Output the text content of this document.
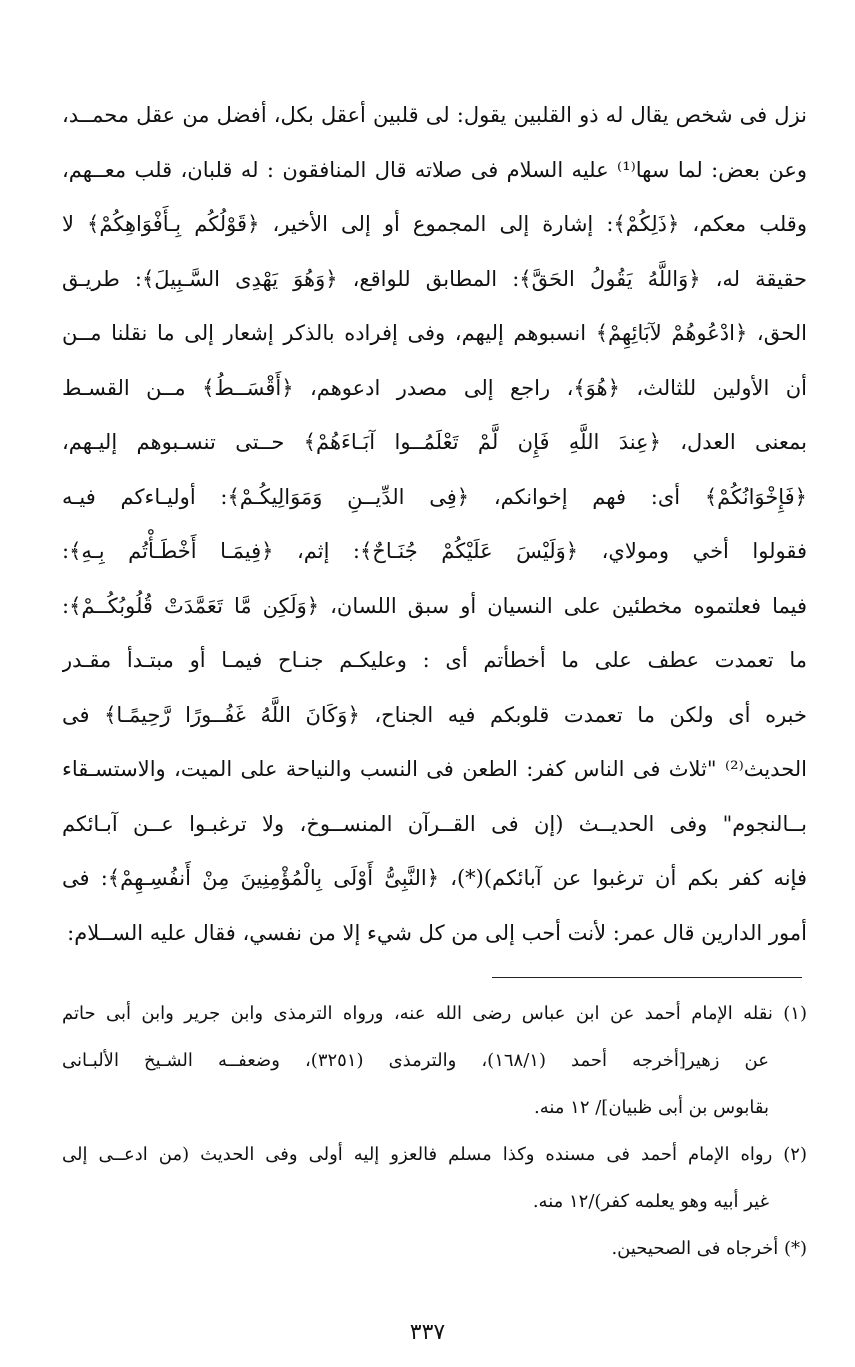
نزل فى شخص يقال له ذو القلبين يقول: لى قلبين أعقل بكل، أفضل من عقل محمــد،
وعن بعض: لما سها⁽¹⁾ عليه السلام فى صلاته قال المنافقون : له قلبان، قلب معــهم،
وقلب معكم، ﴿ذَلِكُمْ﴾: إشارة إلى المجموع أو إلى الأخير، ﴿قَوْلُكُم بِـأَفْوَاهِكُمْ﴾ لا
حقيقة له، ﴿وَاللَّهُ يَقُولُ الحَقَّ﴾: المطابق للواقع، ﴿وَهُوَ يَهْدِى السَّـبِيلَ﴾: طريـق
الحق، ﴿ادْعُوهُمْ لآبَائِهِمْ﴾ انسبوهم إليهم، وفى إفراده بالذكر إشعار إلى ما نقلنا مــن
أن الأولين للثالث، ﴿هُوَ﴾، راجع إلى مصدر ادعوهم، ﴿أَقْسَــطُ﴾ مــن القسـط
بمعنى العدل، ﴿عِندَ اللَّهِ فَإِن لَّمْ تَعْلَمُــوا آبَـاءَهُمْ﴾ حــتى تنسـبوهم إليـهم،
﴿فَإِخْوَانُكُمْ﴾ أى: فهم إخوانكم، ﴿فِى الدِّيــنِ وَمَوَالِيكُـمْ﴾: أوليـاءكم فيـه
فقولوا أخي ومولاي، ﴿وَلَيْسَ عَلَيْكُمْ جُنَـاحٌ﴾: إثم، ﴿فِيمَـا أَخْطَـأْتُم بِـهِ﴾:
فيما فعلتموه مخطئين على النسيان أو سبق اللسان، ﴿وَلَكِن مَّا تَعَمَّدَتْ قُلُوبُكُــمْ﴾:
ما تعمدت عطف على ما أخطأتم أى : وعليكـم جنـاح فيمـا أو مبتـدأ مقـدر
خبره أى ولكن ما تعمدت قلوبكم فيه الجناح، ﴿وَكَانَ اللَّهُ غَفُــورًا رَّحِيمًـا﴾ فى
الحديث⁽²⁾ "ثلاث فى الناس كفر: الطعن فى النسب والنياحة على الميت، والاستسـقاء
بــالنجوم" وفى الحديــث (إن فى القــرآن المنســوخ، ولا ترغبـوا عــن آبـائكم
فإنه كفر بكم أن ترغبوا عن آبائكم)(*)، ﴿النَّبِىُّ أَوْلَى بِالْمُؤْمِنِينَ مِنْ أَنفُسِـهِمْ﴾: فى
أمور الدارين قال عمر: لأنت أحب إلى من كل شيء إلا من نفسي، فقال عليه الســلام:
(١) نقله الإمام أحمد عن ابن عباس رضى الله عنه، ورواه الترمذى وابن جرير وابن أبى حاتم
عن زهير[أخرجه أحمد (١٦٨/١)، والترمذى (٣٢٥١)، وضعفــه الشـيخ الألبـانى
بقابوس بن أبى ظبيان]/ ١٢ منه.
(٢) رواه الإمام أحمد فى مسنده وكذا مسلم فالعزو إليه أولى وفى الحديث (من ادعــى إلى
غير أبيه وهو يعلمه كفر)/١٢ منه.
(*) أخرجاه فى الصحيحين.
٣٣٧
